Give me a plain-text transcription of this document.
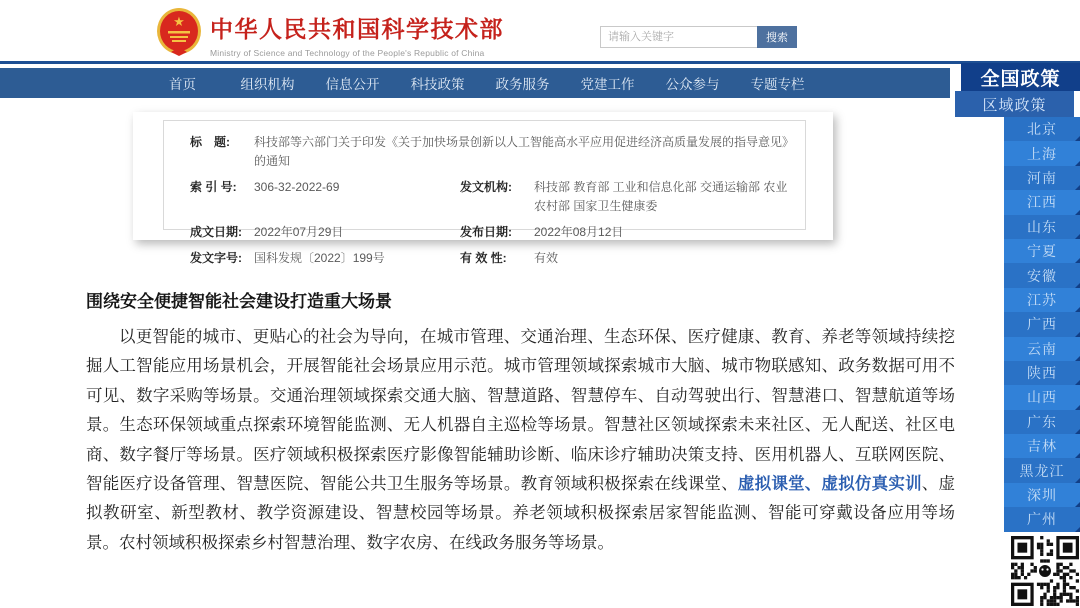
★ 中华人民共和国科学技术部
Ministry of Science and Technology of the People's Republic of China
请输入关键字
搜索
首页	组织机构	信息公开	科技政策	政务服务	党建工作	公众参与	专题专栏
标　题:	科技部等六部门关于印发《关于加快场景创新以人工智能高水平应用促进经济高质量发展的指导意见》的通知
索 引 号:	306-32-2022-69	发文机构:	科技部 教育部 工业和信息化部 交通运输部 农业农村部 国家卫生健康委
成文日期:	2022年07月29日	发布日期:	2022年08月12日
发文字号:	国科发规〔2022〕199号	有 效 性:	有效
围绕安全便捷智能社会建设打造重大场景

以更智能的城市、更贴心的社会为导向，在城市管理、交通治理、生态环保、医疗健康、教育、养老等领域持续挖掘人工智能应用场景机会，开展智能社会场景应用示范。城市管理领域探索城市大脑、城市物联感知、政务数据可用不可见、数字采购等场景。交通治理领域探索交通大脑、智慧道路、智慧停车、自动驾驶出行、智慧港口、智慧航道等场景。生态环保领域重点探索环境智能监测、无人机器自主巡检等场景。智慧社区领域探索未来社区、无人配送、社区电商、数字餐厅等场景。医疗领域积极探索医疗影像智能辅助诊断、临床诊疗辅助决策支持、医用机器人、互联网医院、智能医疗设备管理、智慧医院、智能公共卫生服务等场景。教育领域积极探索在线课堂、虚拟课堂、虚拟仿真实训、虚拟教研室、新型教材、教学资源建设、智慧校园等场景。养老领域积极探索居家智能监测、智能可穿戴设备应用等场景。农村领域积极探索乡村智慧治理、数字农房、在线政务服务等场景。

全国政策
区域政策
北京
上海
河南
江西
山东
宁夏
安徽
江苏
广西
云南
陕西
山西
广东
吉林
黑龙江
深圳
广州
